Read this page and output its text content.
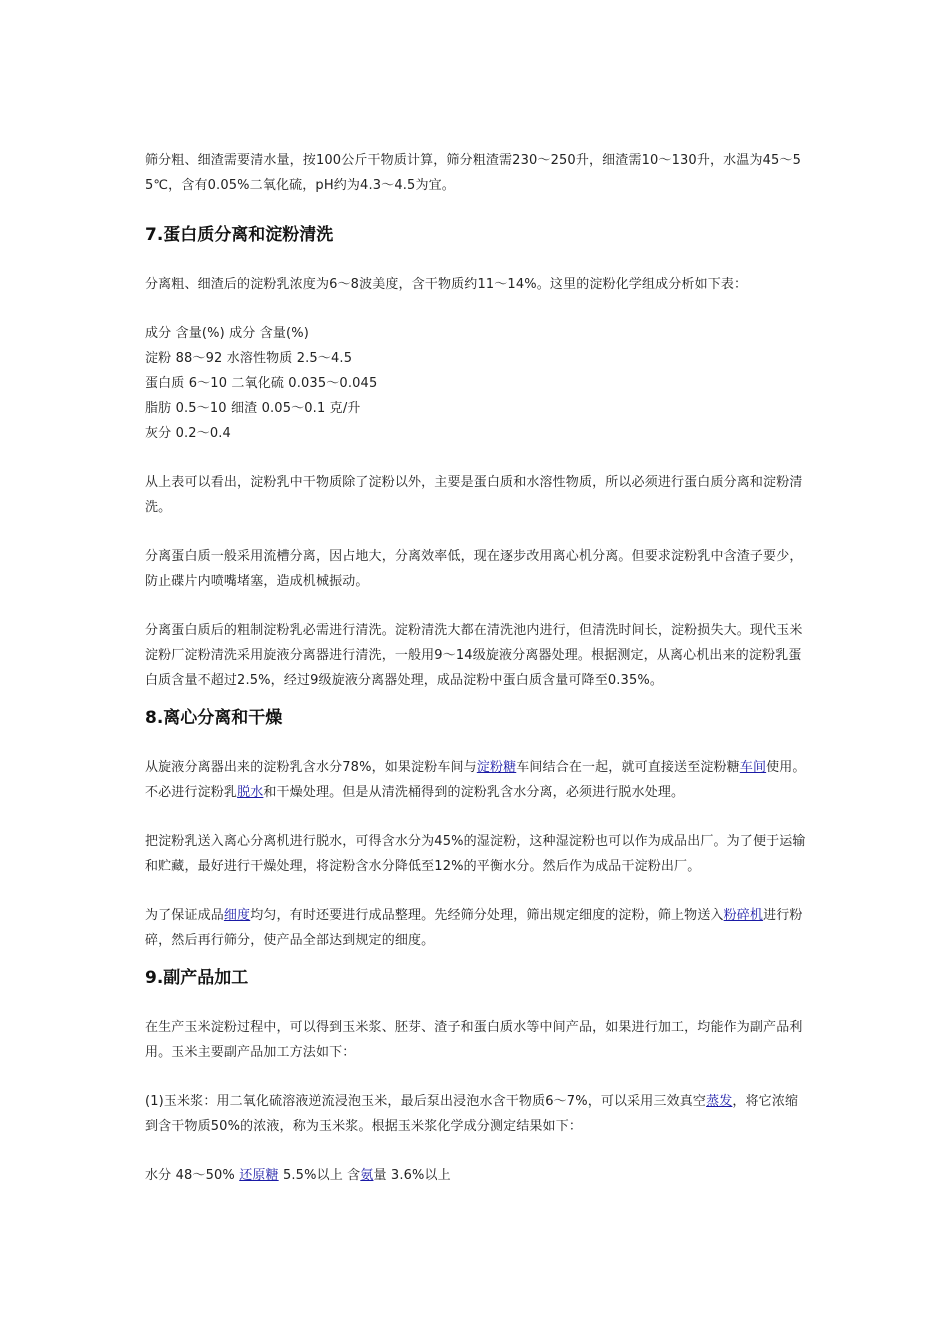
筛分粗、细渣需要清水量，按100公斤干物质计算，筛分粗渣需230～250升，细渣需10～130升，水温为45～55℃，含有0.05%二氧化硫，pH约为4.3～4.5为宜。

7.蛋白质分离和淀粉清洗

分离粗、细渣后的淀粉乳浓度为6～8波美度，含干物质约11～14%。这里的淀粉化学组成分析如下表：

成分 含量(%) 成分 含量(%)

淀粉 88～92 水溶性物质 2.5～4.5

蛋白质 6～10 二氧化硫 0.035～0.045

脂肪 0.5～10 细渣 0.05～0.1 克/升

灰分 0.2～0.4

从上表可以看出，淀粉乳中干物质除了淀粉以外，主要是蛋白质和水溶性物质，所以必须进行蛋白质分离和淀粉清洗。

分离蛋白质一般采用流槽分离，因占地大，分离效率低，现在逐步改用离心机分离。但要求淀粉乳中含渣子要少，防止碟片内喷嘴堵塞，造成机械振动。

分离蛋白质后的粗制淀粉乳必需进行清洗。淀粉清洗大都在清洗池内进行，但清洗时间长，淀粉损失大。现代玉米淀粉厂淀粉清洗采用旋液分离器进行清洗，一般用9～14级旋液分离器处理。根据测定，从离心机出来的淀粉乳蛋白质含量不超过2.5%，经过9级旋液分离器处理，成品淀粉中蛋白质含量可降至0.35%。

8.离心分离和干燥

从旋液分离器出来的淀粉乳含水分78%，如果淀粉车间与淀粉糖车间结合在一起，就可直接送至淀粉糖车间使用。不必进行淀粉乳脱水和干燥处理。但是从清洗桶得到的淀粉乳含水分离，必须进行脱水处理。

把淀粉乳送入离心分离机进行脱水，可得含水分为45%的湿淀粉，这种湿淀粉也可以作为成品出厂。为了便于运输和贮藏，最好进行干燥处理，将淀粉含水分降低至12%的平衡水分。然后作为成品干淀粉出厂。

为了保证成品细度均匀，有时还要进行成品整理。先经筛分处理，筛出规定细度的淀粉，筛上物送入粉碎机进行粉碎，然后再行筛分，使产品全部达到规定的细度。

9.副产品加工

在生产玉米淀粉过程中，可以得到玉米浆、胚芽、渣子和蛋白质水等中间产品，如果进行加工，均能作为副产品利用。玉米主要副产品加工方法如下：

(1)玉米浆：用二氧化硫溶液逆流浸泡玉米，最后泵出浸泡水含干物质6～7%，可以采用三效真空蒸发，将它浓缩到含干物质50%的浓液，称为玉米浆。根据玉米浆化学成分测定结果如下：

水分 48～50% 还原糖 5.5%以上 含氨量 3.6%以上
